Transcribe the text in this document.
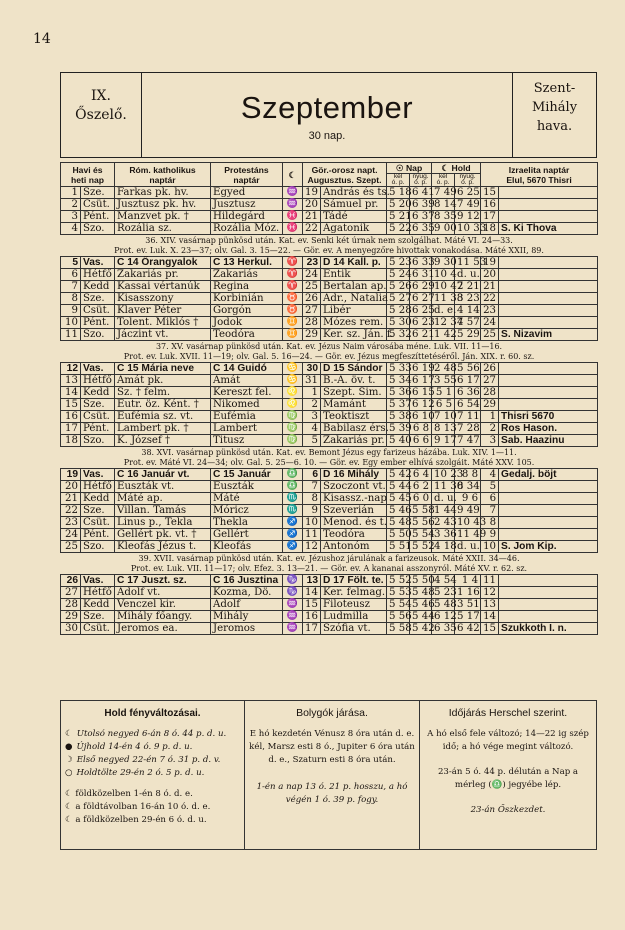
14
IX.
Őszelő.	Szeptember
30 nap.
Szent-
Mihály
hava.
Havi és
heti nap		Róm. katholikus
naptár	Protestáns
naptár	☾	Gör.-orosz napt.
Augusztus. Szept.		☉ Nap		☾ Hold		Izraelita naptár
Elul, 5670 Thisri	
							kél
ó. p.	nyug.
ó. p.	kél
ó. p.	nyug.
ó. p.		
1	Sze.	Farkas pk. hv.	Egyed	♒	19	András és ts.	5 18	6 41	7 49	6 25	15	
2	Csüt.	Jusztusz pk. hv.	Jusztusz	♒	20	Sámuel pr.	5 20	6 39	8 14	7 49	16	
3	Pént.	Manzvet pk. †	Hildegárd	♓	21	Tádé	5 21	6 37	8 35	9 12	17	
4	Szo.	Rozália sz.	Rozália Móz.	♓	22	Agatonik	5 22	6 35	9 00	10 33	18	S. Ki Thova

36. XIV. vasárnap pünkösd után. Kat. ev. Senki két úrnak nem szolgálhat. Máté VI. 24—33.
Prot. ev. Luk. X. 23—37; olv. Gal. 3. 15—22. — Gör. ev. A menyegzőre hivottak vonakodása. Máté XXII, 89.												

5	Vas.	C 14 Őrangyalok	C 13 Herkul.	♈	23	D 14 Kall. p.	5 23	6 33	9 30	11 53	19	
6	Hétfő	Zakariás pr.	Zakariás	♈	24	Entik	5 24	6 31	10 4	d. u.	20	
7	Kedd	Kassai vértanúk	Regina	♈	25	Bertalan ap.	5 26	6 29	10 47	2 21	21	
8	Sze.	Kisasszony	Korbinián	♉	26	Adr., Natalia	5 27	6 27	11 38	3 23	22	
9	Csüt.	Klaver Péter	Gorgón	♉	27	Libér	5 28	6 25	d. e.	4 14	23	
10	Pént.	Tolent. Miklós †	Jodok	♊	28	Mózes rem.	5 30	6 23	12 37	4 57	24	
11	Szo.	Jáczint vt.	Teodóra	♊	29	Ker. sz. Ján. f.	5 32	6 21	1 42	5 29	25	S. Nizavim

37. XV. vasárnap pünkösd után. Kat. ev. Jézus Naim városába méne. Luk. VII. 11—16.
Prot. ev. Luk. XVII. 11—19; olv. Gal. 5. 16—24. — Gör. ev. Jézus megfeszíttetéséről. Ján. XIX. r. 60. sz.												

12	Vas.	C 15 Mária neve	C 14 Guidó	♋	30	D 15 Sándor	5 33	6 19	2 48	5 56	26	
13	Hétfő	Amát pk.	Amát	♋	31	B.-A. öv. t.	5 34	6 17	3 55	6 17	27	
14	Kedd	Sz. † felm.	Kereszt fel.	♌	1	Szept. Sim.	5 36	6 15	5 1	6 36	28	
15	Sze.	Eutr. öz. Ként. †	Nikomed	♌	2	Mamánt	5 37	6 12	6 5	6 54	29	
16	Csüt.	Eufémia sz. vt.	Eufémia	♍	3	Teoktiszt	5 38	6 10	7 10	7 11	1	Thisri 5670
17	Pént.	Lambert pk. †	Lambert	♍	4	Babilasz érs.	5 39	6 8	8 13	7 28	2	Ros Hason.
18	Szo.	K. József †	Titusz	♍	5	Zakariás pr.	5 40	6 6	9 17	7 47	3	Sab. Haazinu

38. XVI. vasárnap pünkösd után. Kat. ev. Bemont Jézus egy farizeus házába. Luk. XIV. 1—11.
Prot. ev. Máté VI. 24—34; olv. Gal. 5. 25—6. 10. — Gör. ev. Egy ember elhívá szolgáit. Máté XXV. 105.												

19	Vas.	C 16 Január vt.	C 15 Január	♎	6	D 16 Mihály	5 42	6 4	10 23	8 8	4	Gedalj. böjt
20	Hétfő	Euszták vt.	Euszták	♎	7	Szoczont vt.	5 44	6 2	11 30	8 34	5	
21	Kedd	Máté ap.	Máté	♏	8	Kisassz.-nap	5 45	6 0	d. u.	9 6	6	
22	Sze.	Villan. Tamás	Móricz	♏	9	Szeverián	5 46	5 58	1 44	9 49	7	
23	Csüt.	Linus p., Tekla	Thekla	♐	10	Menod. és t.	5 48	5 56	2 43	10 43	8	
24	Pént.	Gellért pk. vt. †	Gellért	♐	11	Teodóra	5 50	5 54	3 36	11 49	9	
25	Szo.	Kleofás Jézus t.	Kleofás	♐	12	Antonóm	5 51	5 52	4 18	d. u.	10	S. Jom Kip.

39. XVII. vasárnap pünkösd után. Kat. ev. Jézushoz járulának a farizeusok. Máté XXII. 34—46.
Prot. ev. Luk. VII. 11—17; olv. Efez. 3. 13—21. — Gör. ev. A kananai asszonyról. Máté XV. r. 62. sz.												

26	Vas.	C 17 Juszt. sz.	C 16 Jusztina	♑	13	D 17 Fölt. te.	5 52	5 50	4 54	1 4	11	
27	Hétfő	Adolf vt.	Kozma, Dö.	♑	14	Ker. felmag.	5 53	5 48	5 23	1 16	12	
28	Kedd	Venczel kir.	Adolf	♒	15	Filoteusz	5 54	5 46	5 48	3 51	13	
29	Sze.	Mihály főangy.	Mihály	♒	16	Ludmilla	5 56	5 44	6 12	5 17	14	
30	Csüt.	Jeromos ea.	Jeromos	♒	17	Szófia vt.	5 58	5 42	6 35	6 42	15	Szukkoth I. n.
Hold fényváltozásai.
☾ Utolsó negyed 6-án 8 ó. 44 p. d. u.
● Újhold 14-én 4 ó. 9 p. d. u.
☽ Első negyed 22-én 7 ó. 31 p. d. v.
○ Holdtölte 29-én 2 ó. 5 p. d. u.
☾ földközelben 1-én 8 ó. d. e.
☾ a földtávolban 16-án 10 ó. d. e.
☾ a földközelben 29-én 6 ó. d. u.
Bolygók járása.
E hó kezdetén Vénusz 8 óra után d. e. kél, Marsz esti 8 ó., Jupiter 6 óra után d. e., Szaturn esti 8 óra után.
1-én a nap 13 ó. 21 p. hosszu, a hó végén 1 ó. 39 p. fogy.
Időjárás Herschel szerint.
A hó első fele változó; 14—22 ig szép idő; a hó vége megint változó.
23-án 5 ó. 44 p. délután a Nap a mérleg (♎) jegyébe lép.
23-án Őszkezdet.
